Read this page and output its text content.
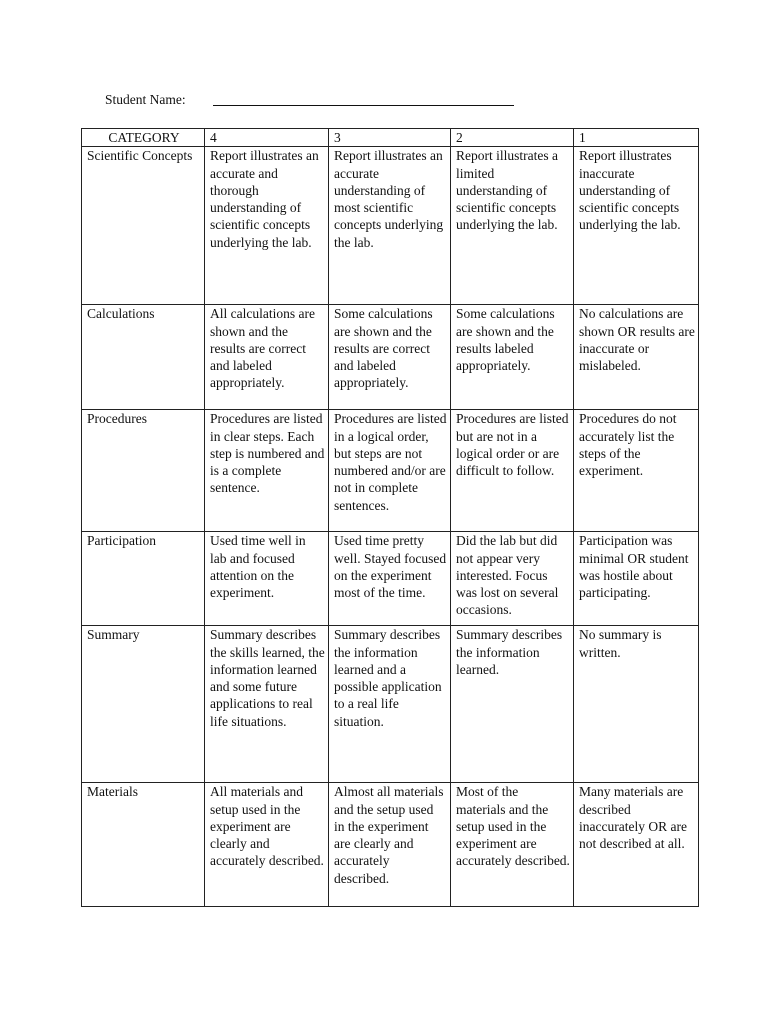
Student Name:
CATEGORY	4	3	2	1
Scientific Concepts	Report illustrates an accurate and thorough understanding of scientific concepts underlying the lab.	Report illustrates an accurate understanding of most scientific concepts underlying the lab.	Report illustrates a limited understanding of scientific concepts underlying the lab.	Report illustrates inaccurate understanding of scientific concepts underlying the lab.
Calculations	All calculations are shown and the results are correct and labeled appropriately.	Some calculations are shown and the results are correct and labeled appropriately.	Some calculations are shown and the results labeled appropriately.	No calculations are shown OR results are inaccurate or mislabeled.
Procedures	Procedures are listed in clear steps. Each step is numbered and is a complete sentence.	Procedures are listed in a logical order, but steps are not numbered and/or are not in complete sentences.	Procedures are listed but are not in a logical order or are difficult to follow.	Procedures do not accurately list the steps of the experiment.
Participation	Used time well in lab and focused attention on the experiment.	Used time pretty well. Stayed focused on the experiment most of the time.	Did the lab but did not appear very interested. Focus was lost on several occasions.	Participation was minimal OR student was hostile about participating.
Summary	Summary describes the skills learned, the information learned and some future applications to real life situations.	Summary describes the information learned and a possible application to a real life situation.	Summary describes the information learned.	No summary is written.
Materials	All materials and setup used in the experiment are clearly and accurately described.	Almost all materials and the setup used in the experiment are clearly and accurately described.	Most of the materials and the setup used in the experiment are accurately described.	Many materials are described inaccurately OR are not described at all.
